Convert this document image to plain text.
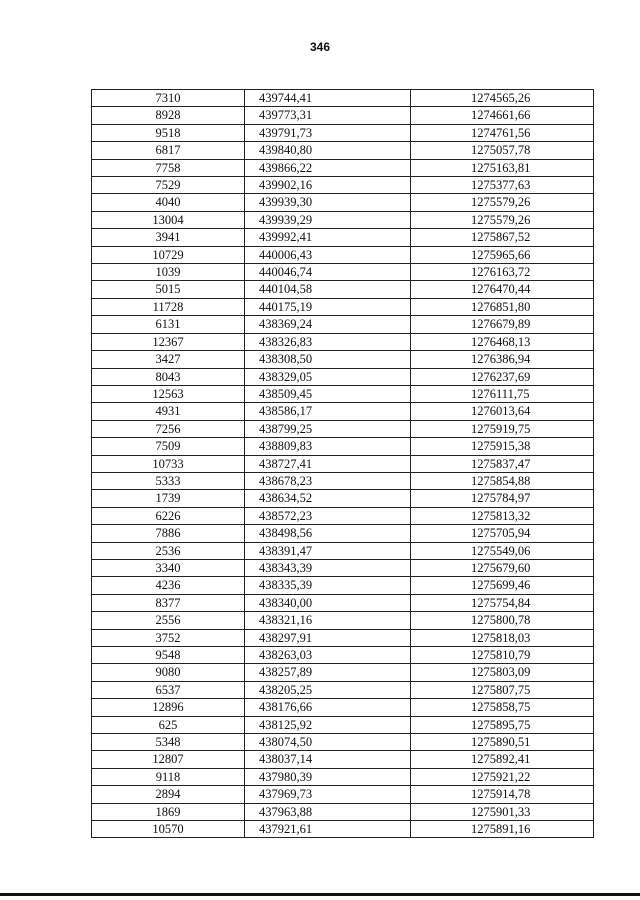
346
7310	439744,41	1274565,26
8928	439773,31	1274661,66
9518	439791,73	1274761,56
6817	439840,80	1275057,78
7758	439866,22	1275163,81
7529	439902,16	1275377,63
4040	439939,30	1275579,26
13004	439939,29	1275579,26
3941	439992,41	1275867,52
10729	440006,43	1275965,66
1039	440046,74	1276163,72
5015	440104,58	1276470,44
11728	440175,19	1276851,80
6131	438369,24	1276679,89
12367	438326,83	1276468,13
3427	438308,50	1276386,94
8043	438329,05	1276237,69
12563	438509,45	1276111,75
4931	438586,17	1276013,64
7256	438799,25	1275919,75
7509	438809,83	1275915,38
10733	438727,41	1275837,47
5333	438678,23	1275854,88
1739	438634,52	1275784,97
6226	438572,23	1275813,32
7886	438498,56	1275705,94
2536	438391,47	1275549,06
3340	438343,39	1275679,60
4236	438335,39	1275699,46
8377	438340,00	1275754,84
2556	438321,16	1275800,78
3752	438297,91	1275818,03
9548	438263,03	1275810,79
9080	438257,89	1275803,09
6537	438205,25	1275807,75
12896	438176,66	1275858,75
625	438125,92	1275895,75
5348	438074,50	1275890,51
12807	438037,14	1275892,41
9118	437980,39	1275921,22
2894	437969,73	1275914,78
1869	437963,88	1275901,33
10570	437921,61	1275891,16
